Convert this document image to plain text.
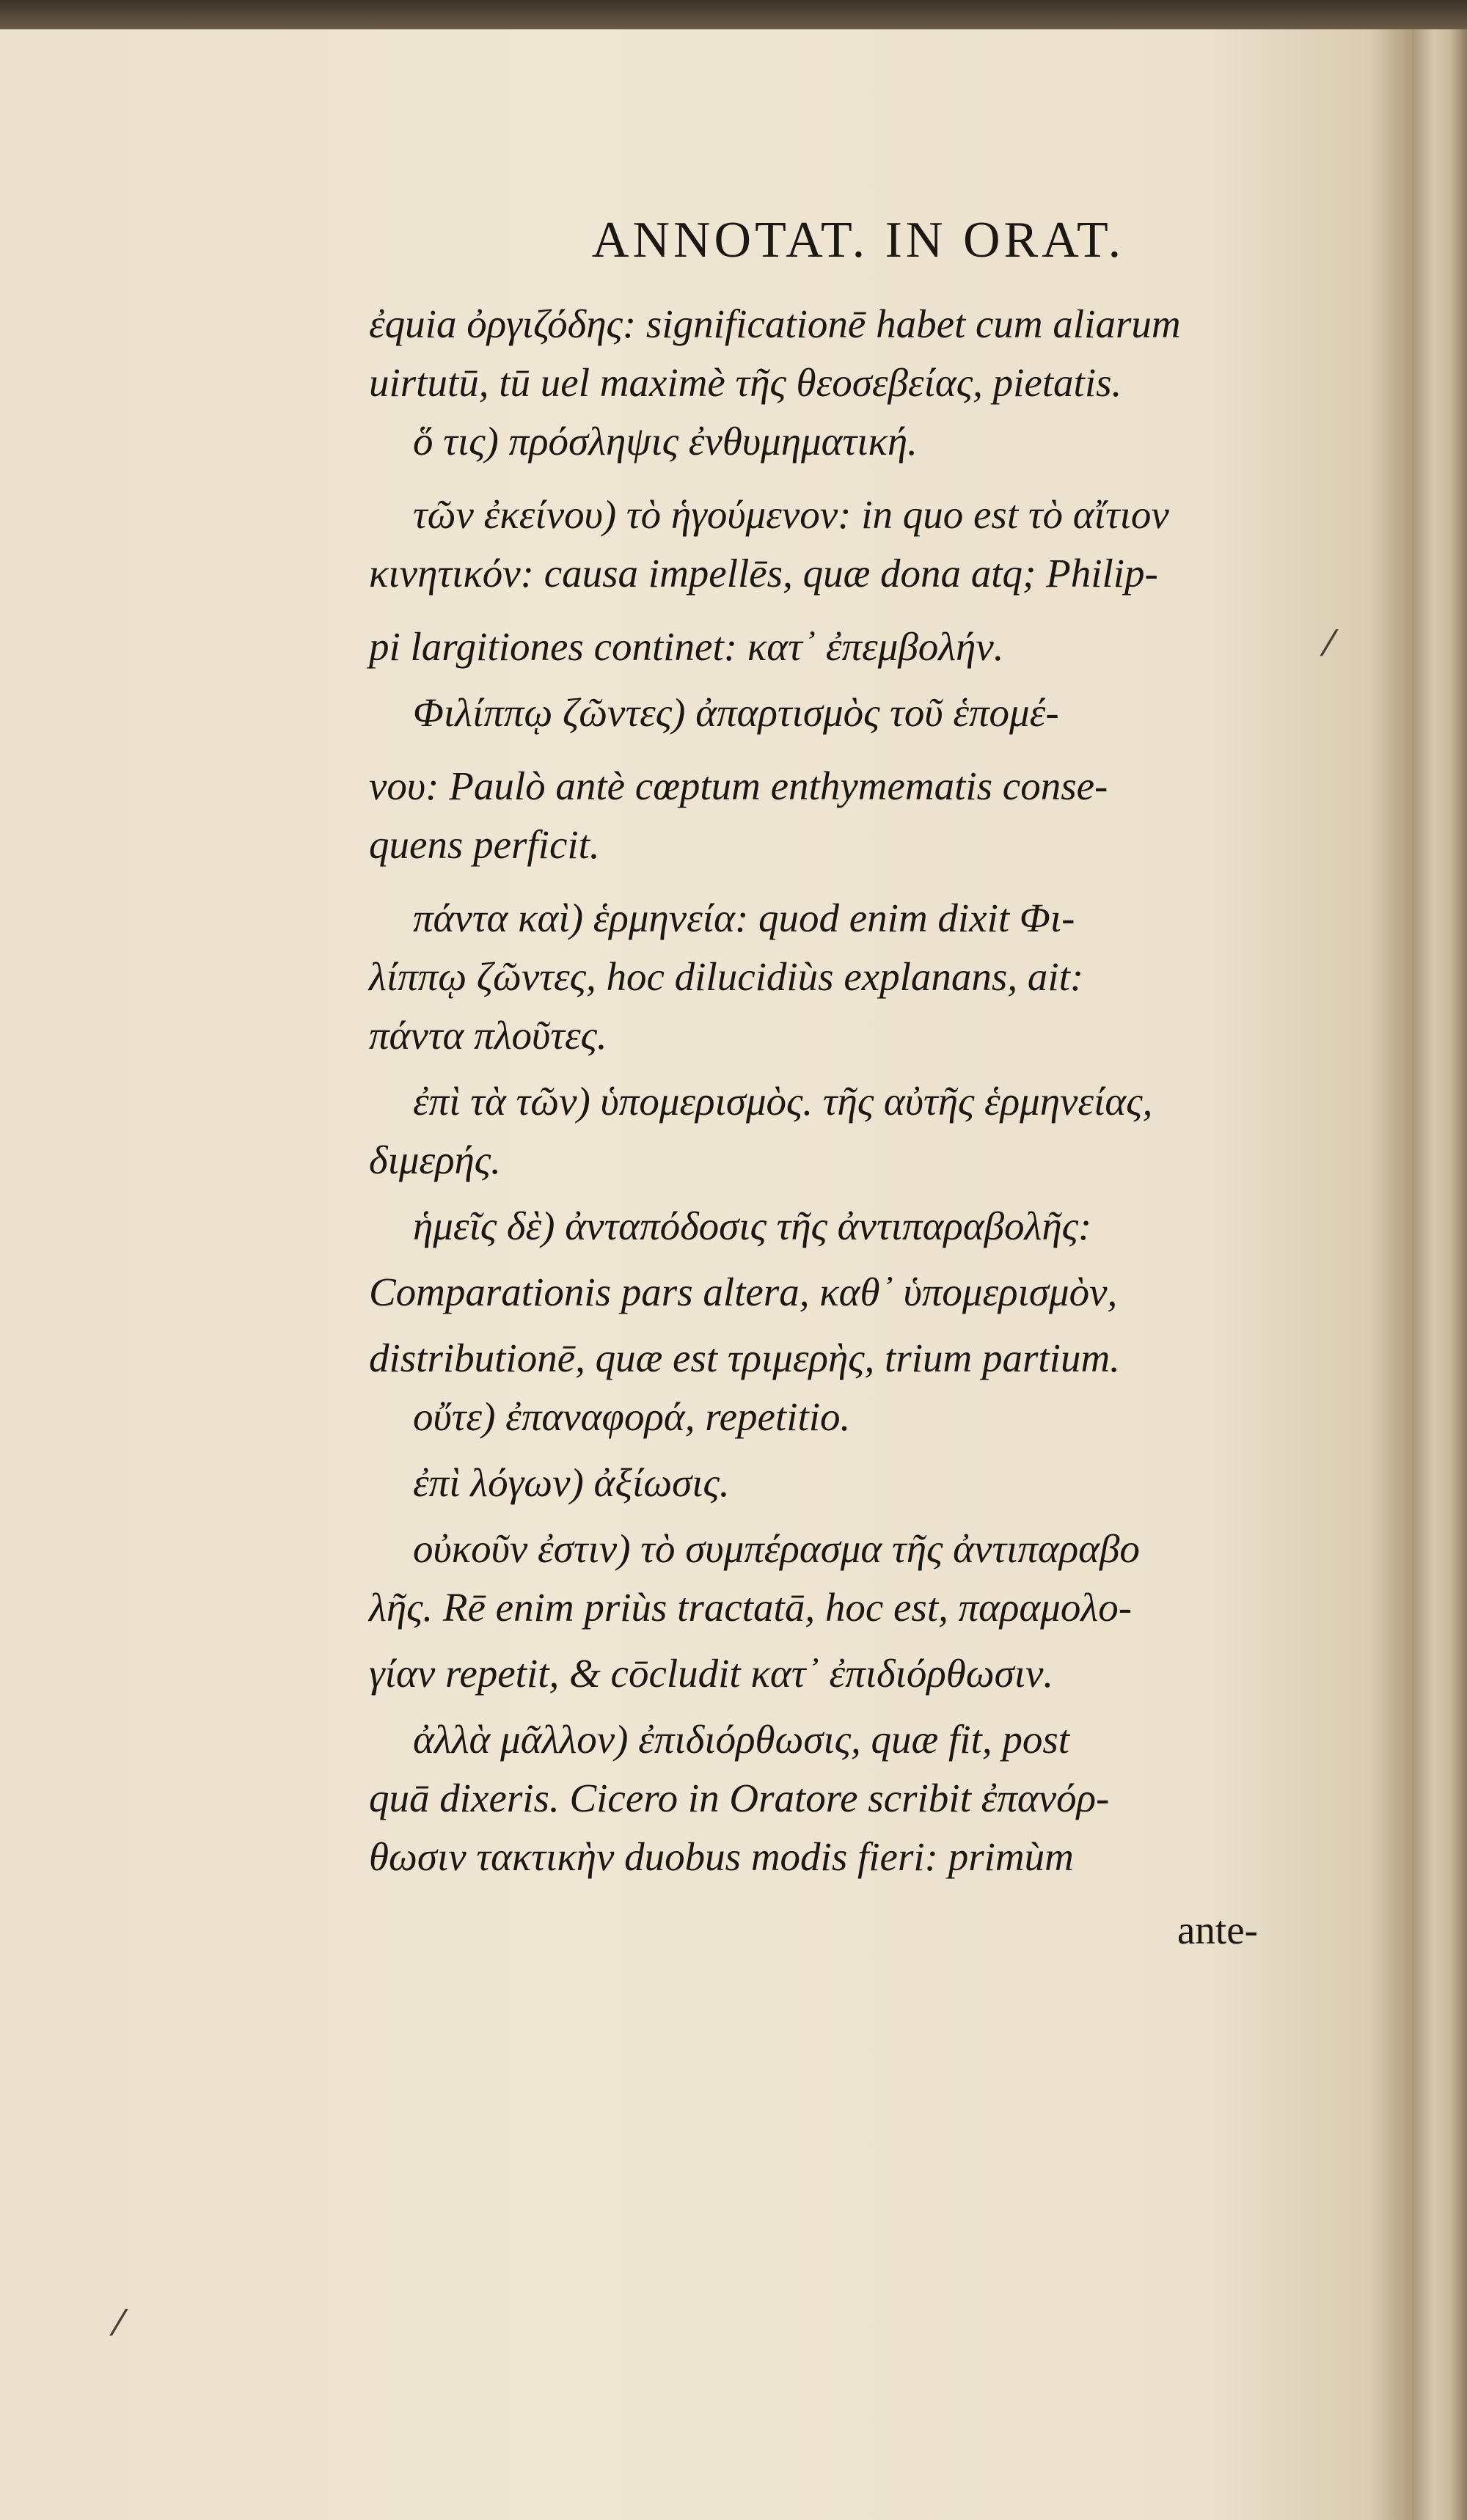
ANNOTAT. IN ORAT.

ἐquia ὀργιζόδης: significationē habet cum aliarum

uirtutū, tū uel maximè τῆς θεοσεβείας, pietatis.

ὅ τις) πρόσληψις ἐνθυμηματική.

τῶν ἐκείνου) τὸ ἡγούμενον: in quo est τὸ αἴτιον

κινητικόν: causa impellēs, quæ dona atq; Philip-

pi largitiones continet: κατ᾽ ἐπεμβολήν.

Φιλίππῳ ζῶντες) ἀπαρτισμὸς τοῦ ἑπομέ-

νου: Paulò antè cœptum enthymematis conse-

quens perficit.

πάντα καὶ) ἑρμηνεία: quod enim dixit Φι-

λίππῳ ζῶντες, hoc dilucidiùs explanans, ait:

πάντα πλοῦτες.

ἐπὶ τὰ τῶν) ὑπομερισμὸς. τῆς αὐτῆς ἑρμηνείας,

διμερής.

ἡμεῖς δὲ) ἀνταπόδοσις τῆς ἀντιπαραβολῆς:

Comparationis pars altera, καθ᾽ ὑπομερισμὸν,

distributionē, quæ est τριμερὴς, trium partium.

οὔτε) ἐπαναφορά, repetitio.

ἐπὶ λόγων) ἀξίωσις.

οὐκοῦν ἐστιν) τὸ συμπέρασμα τῆς ἀντιπαραβο

λῆς. Rē enim priùs tractatā, hoc est, παραμολο-

γίαν repetit, & cōcludit κατ᾽ ἐπιδιόρθωσιν.

ἀλλὰ μᾶλλον) ἐπιδιόρθωσις, quæ fit, post

quā dixeris. Cicero in Oratore scribit ἐπανόρ-

θωσιν τακτικὴν duobus modis fieri: primùm

ante-

⁄
⁄
